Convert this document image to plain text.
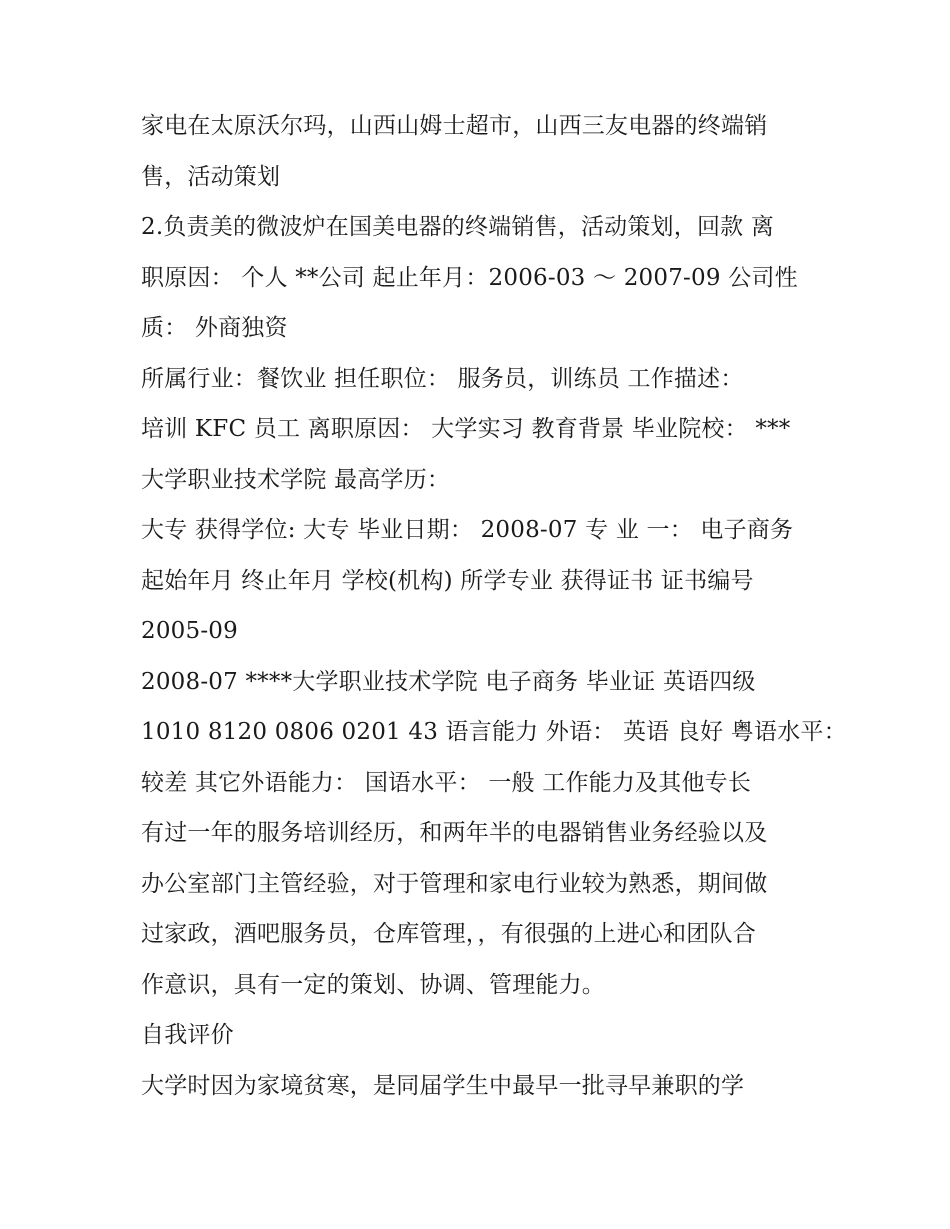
家电在太原沃尔玛，山西山姆士超市，山西三友电器的终端销
售，活动策划
2.负责美的微波炉在国美电器的终端销售，活动策划，回款 离
职原因： 个人 **公司 起止年月：2006-03 ～ 2007-09 公司性
质： 外商独资
所属行业：餐饮业 担任职位： 服务员，训练员 工作描述：
培训 KFC 员工 离职原因： 大学实习 教育背景 毕业院校： ***
大学职业技术学院 最高学历：
大专 获得学位: 大专 毕业日期： 2008-07 专 业 一： 电子商务
起始年月 终止年月 学校(机构) 所学专业 获得证书 证书编号
2005-09
2008-07 ****大学职业技术学院 电子商务 毕业证 英语四级
1010 8120 0806 0201 43 语言能力 外语： 英语 良好 粤语水平：
较差 其它外语能力： 国语水平： 一般 工作能力及其他专长
有过一年的服务培训经历，和两年半的电器销售业务经验以及
办公室部门主管经验，对于管理和家电行业较为熟悉，期间做
过家政，酒吧服务员，仓库管理，，有很强的上进心和团队合
作意识，具有一定的策划、协调、管理能力。
自我评价
大学时因为家境贫寒，是同届学生中最早一批寻早兼职的学
